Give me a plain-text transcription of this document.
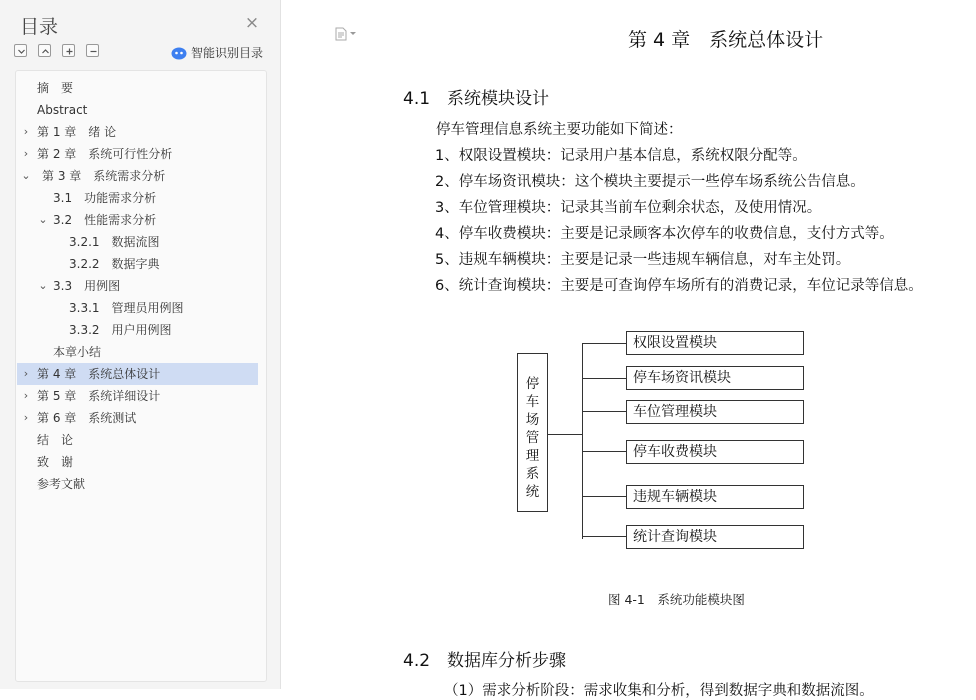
目录	×
智能识别目录
摘　要
Abstract
› 第 1 章　绪 论
› 第 2 章　系统可行性分析
⌄ 第 3 章　系统需求分析
3.1　功能需求分析
⌄ 3.2　性能需求分析
3.2.1　数据流图
3.2.2　数据字典
⌄ 3.3　用例图
3.3.1　管理员用例图
3.3.2　用户用例图
本章小结
› 第 4 章　系统总体设计
› 第 5 章　系统详细设计
› 第 6 章　系统测试
结　论
致　谢
参考文献
第 4 章　系统总体设计
4.1　系统模块设计
停车管理信息系统主要功能如下简述：
1、权限设置模块：记录用户基本信息，系统权限分配等。
2、停车场资讯模块：这个模块主要提示一些停车场系统公告信息。
3、车位管理模块：记录其当前车位剩余状态，及使用情况。
4、停车收费模块：主要是记录顾客本次停车的收费信息，支付方式等。
5、违规车辆模块：主要是记录一些违规车辆信息，对车主处罚。
6、统计查询模块：主要是可查询停车场所有的消费记录，车位记录等信息。
停
车
场
管
理
系
统
权限设置模块
停车场资讯模块
车位管理模块
停车收费模块
违规车辆模块
统计查询模块
图 4-1　系统功能模块图
4.2　数据库分析步骤
（1）需求分析阶段：需求收集和分析，得到数据字典和数据流图。
